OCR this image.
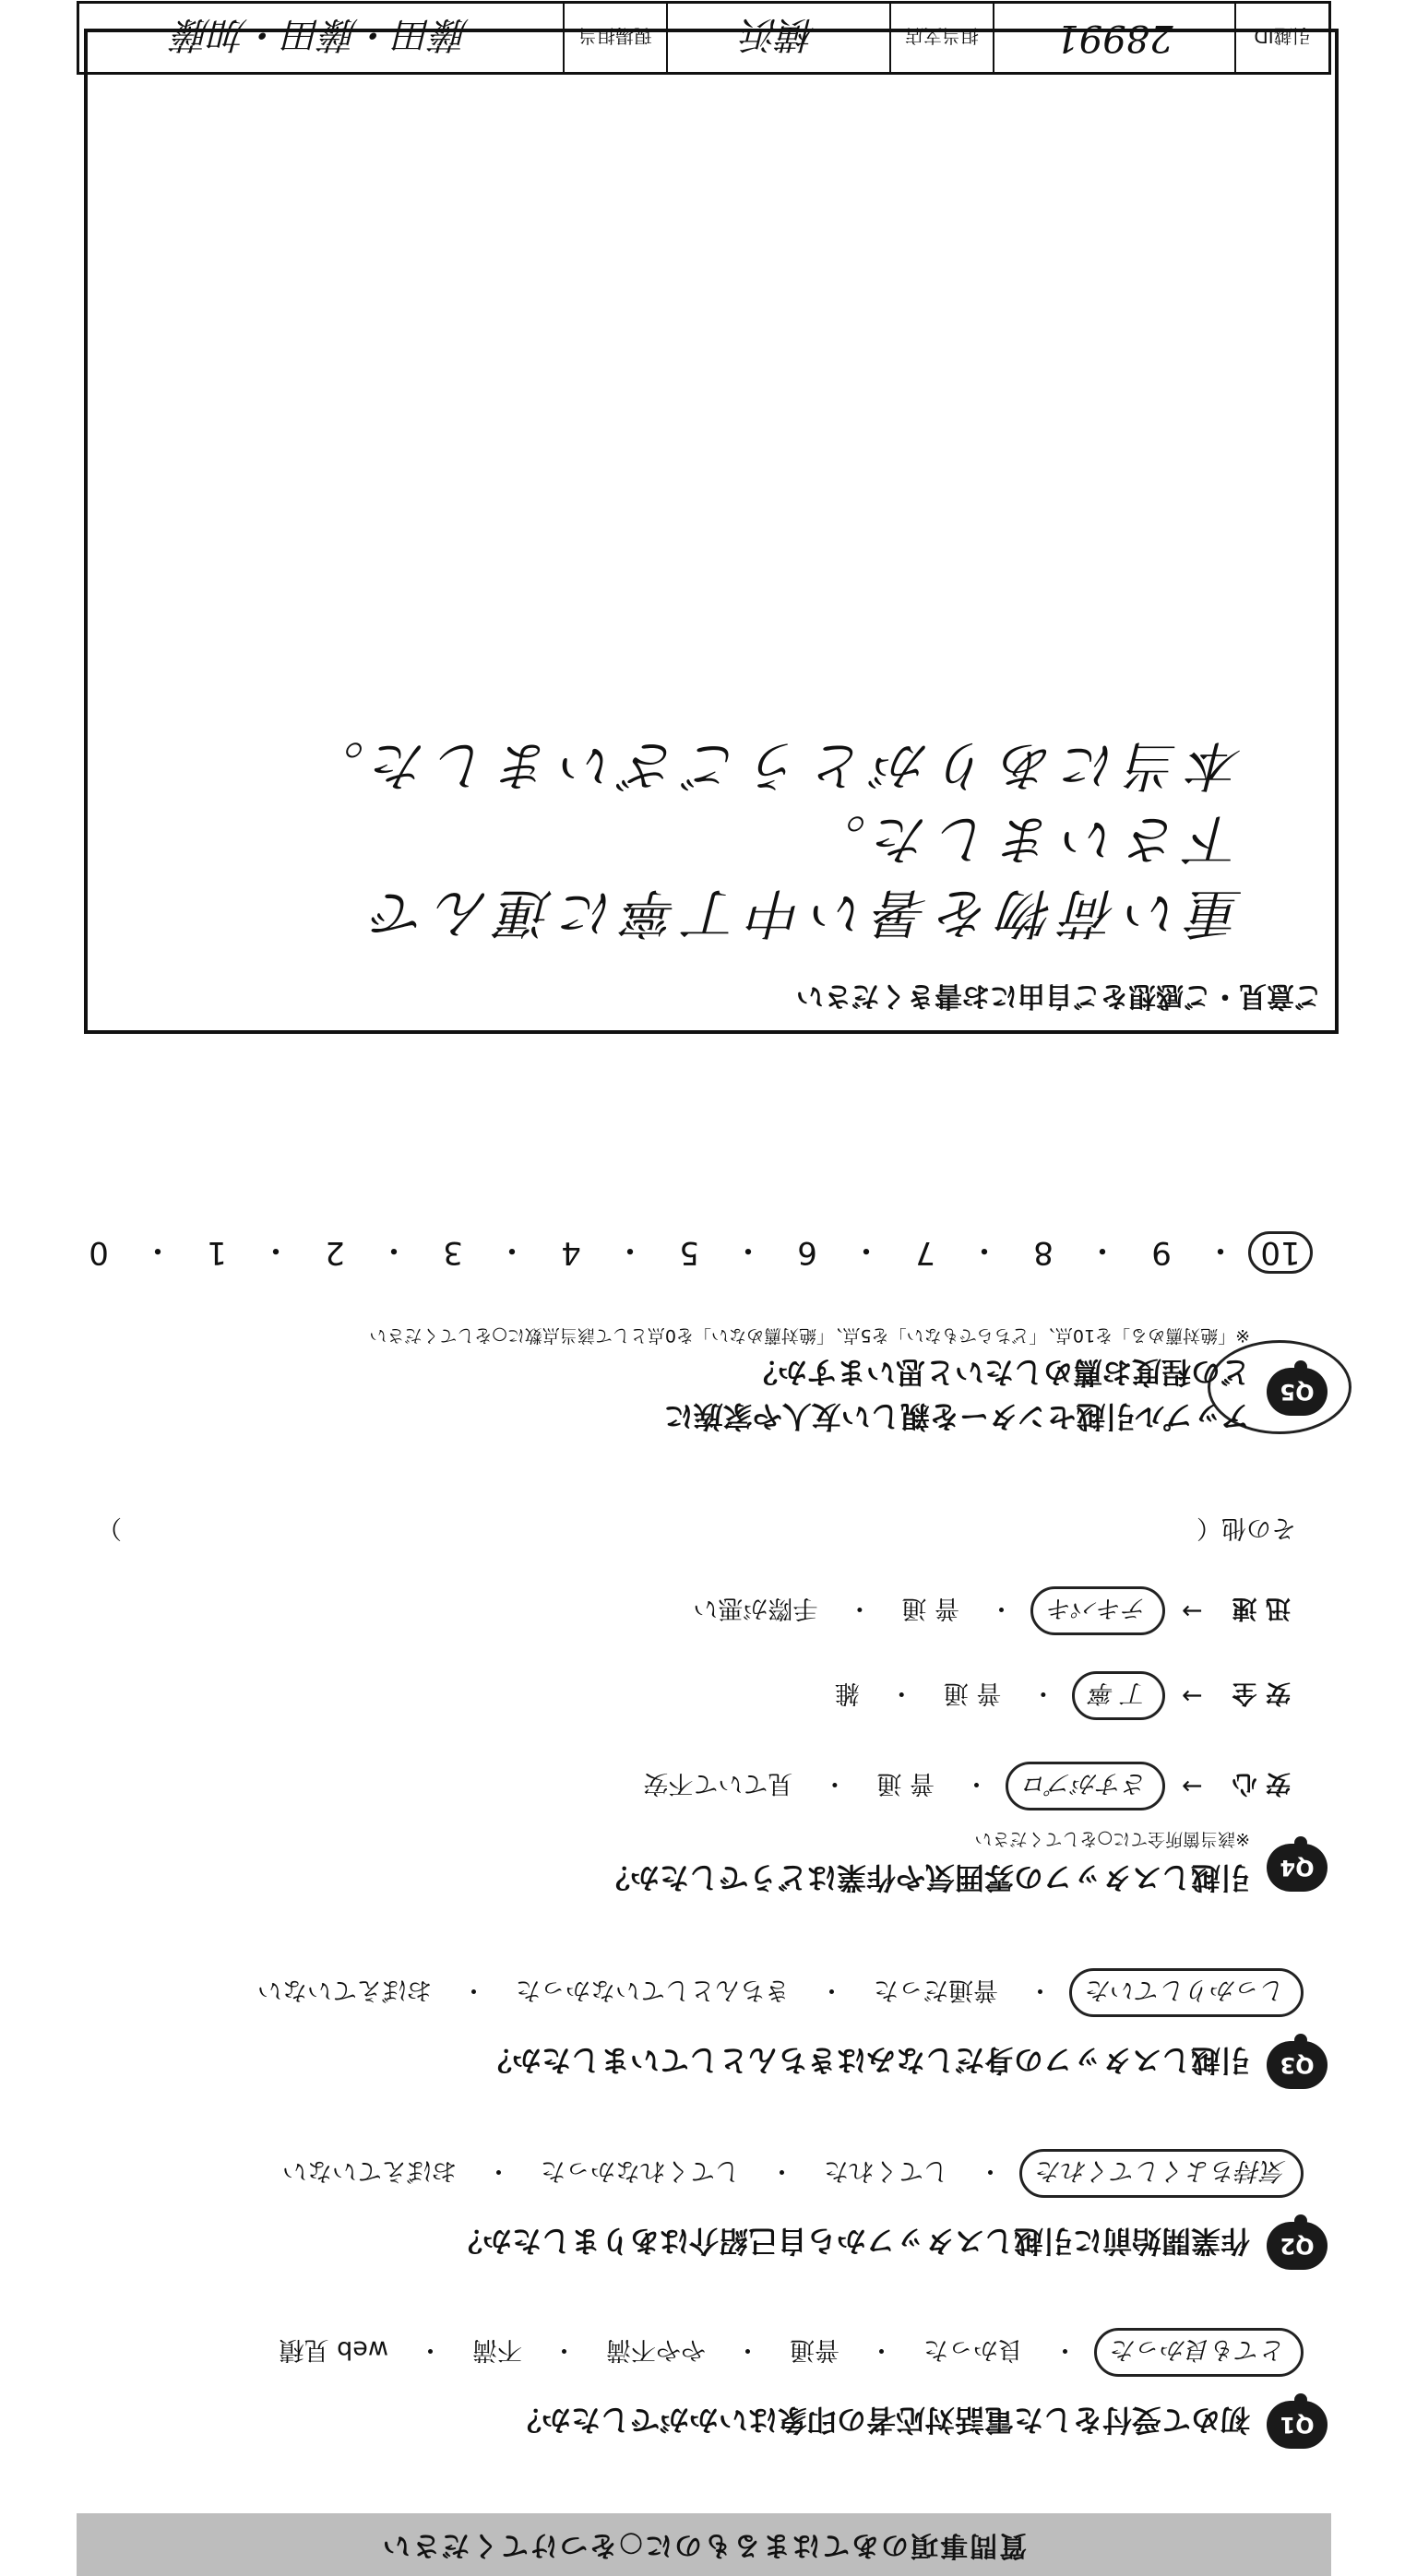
質問事項のあてはまるものに○をつけてください
Q1
初めて受付をした電話対応者の印象はいかがでしたか？
とても良かった
・
良かった
・
普通
・
やや不満
・
不満
・
web 見積
Q2
作業開始前に引越しスタッフから自己紹介はありましたか？
気持ちよくしてくれた
・
してくれた
・
してくれなかった
・
おぼえていない
Q3
引越しスタッフの身だしなみはきちんとしていましたか？
しっかりしていた
・
普通だった
・
きちんとしていなかった
・
おぼえていない
Q4
引越しスタッフの雰囲気や作業はどうでしたか？
※該当箇所全てに○をしてください
安 心
→
さすがプロ
・
普 通
・
見ていて不安
安 全
→
丁 寧
・
普 通
・
雑
迅 速
→
テキパキ
・
普 通
・
手際が悪い
その他（
）
Q5
アップル引越センターを親しい友人や家族に
どの程度お薦めしたいと思いますか？
※「絶対薦める」を10点、「どちらでもない」を5点、「絶対薦めない」を0点として該当点数に○をしてください
10
・
9
・
8
・
7
・
6
・
5
・
4
・
3
・
2
・
1
・
0
ご意見・ご感想をご自由にお書きください
重い荷物を暑い中丁寧に運んで
下さいました。
本当にありがとうございました。
引越ID
28991
担当支店
横浜
現場担当
藤田・藤田・加藤
